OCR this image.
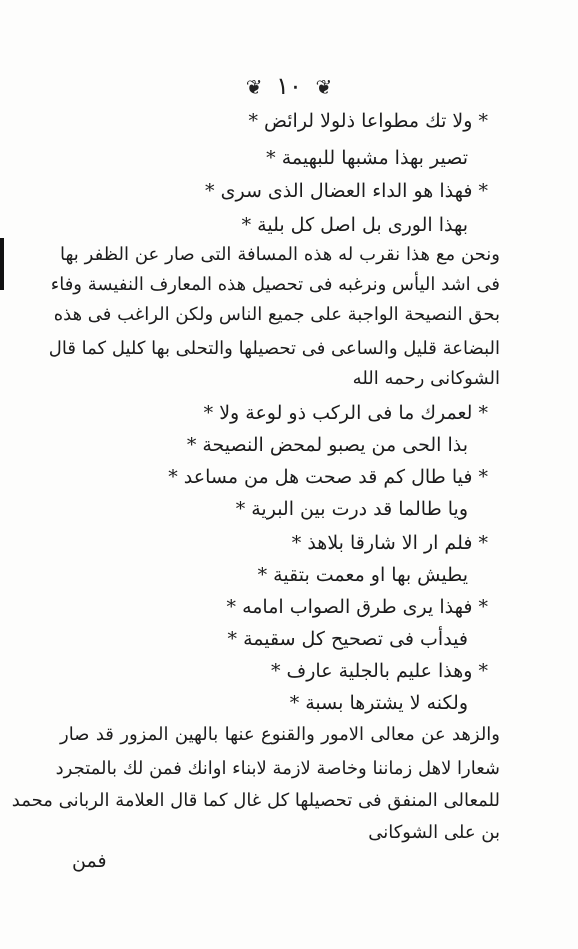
❦ ١٠ ❦
* ولا تك مطواعا ذلولا لرائض *
تصير بهذا مشبها للبهيمة *
* فهذا هو الداء العضال الذى سرى *
بهذا الورى بل اصل كل بلية *
ونحن مع هذا نقرب له هذه المسافة التى صار عن الظفر بها
فى اشد اليأس ونرغبه فى تحصيل هذه المعارف النفيسة وفاء
بحق النصيحة الواجبة على جميع الناس ولكن الراغب فى هذه
البضاعة قليل والساعى فى تحصيلها والتحلى بها كليل كما قال
الشوكانى رحمه الله
* لعمرك ما فى الركب ذو لوعة ولا *
بذا الحى من يصبو لمحض النصيحة *
* فيا طال كم قد صحت هل من مساعد *
ويا طالما قد درت بين البرية *
* فلم ار الا شارقا بلاهذ *
يطيش بها او معمت بتقية *
* فهذا يرى طرق الصواب امامه *
فيدأب فى تصحيح كل سقيمة *
* وهذا عليم بالجلية عارف *
ولكنه لا يشترها بسبة *
والزهد عن معالى الامور والقنوع عنها بالهين المزور قد صار
شعارا لاهل زماننا وخاصة لازمة لابناء اوانك فمن لك بالمتجرد
للمعالى المنفق فى تحصيلها كل غال كما قال العلامة الربانى محمد
بن على الشوكانى
فمن
